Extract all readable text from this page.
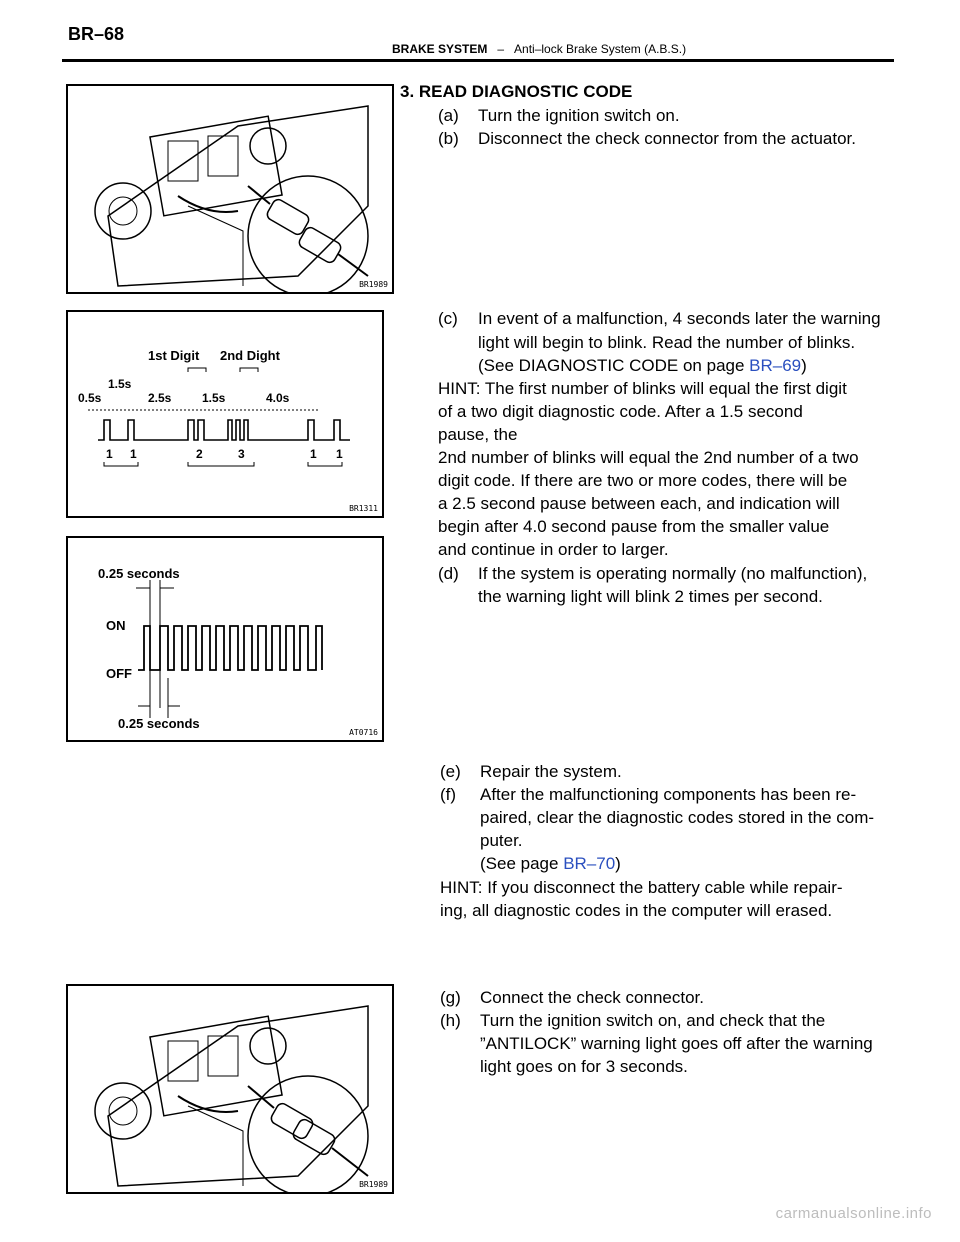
BR–68
BRAKE SYSTEM – Anti–lock Brake System (A.B.S.)
BR1989
3. READ DIAGNOSTIC CODE
(a) Turn the ignition switch on.
(b) Disconnect the check connector from the actuator.
1st Digit 2nd Dight
0.5s
1.5s
2.5s	1.5s	4.0s
1 1	2	3	1 1
BR1311
(c) In event of a malfunction, 4 seconds later the warning
light will begin to blink. Read the number of blinks.
(See DIAGNOSTIC CODE on page BR–69)
HINT: The first number of blinks will equal the first digit
of a two digit diagnostic code. After a 1.5 second
pause, the
2nd number of blinks will equal the 2nd number of a two
digit code. If there are two or more codes, there will be
a 2.5 second pause between each, and indication will
begin after 4.0 second pause from the smaller value
and continue in order to larger.
(d) If the system is operating normally (no malfunction),
the warning light will blink 2 times per second.
0.25 seconds
ON
OFF
0.25 seconds
AT0716
(e) Repair the system.
(f) After the malfunctioning components has been re-
paired, clear the diagnostic codes stored in the com-
puter.
(See page BR–70)
HINT: If you disconnect the battery cable while repair-
ing, all diagnostic codes in the computer will erased.
(g) Connect the check connector.
(h) Turn the ignition switch on, and check that the
”ANTILOCK” warning light goes off after the warning
light goes on for 3 seconds.
BR1989
carmanualsonline.info
